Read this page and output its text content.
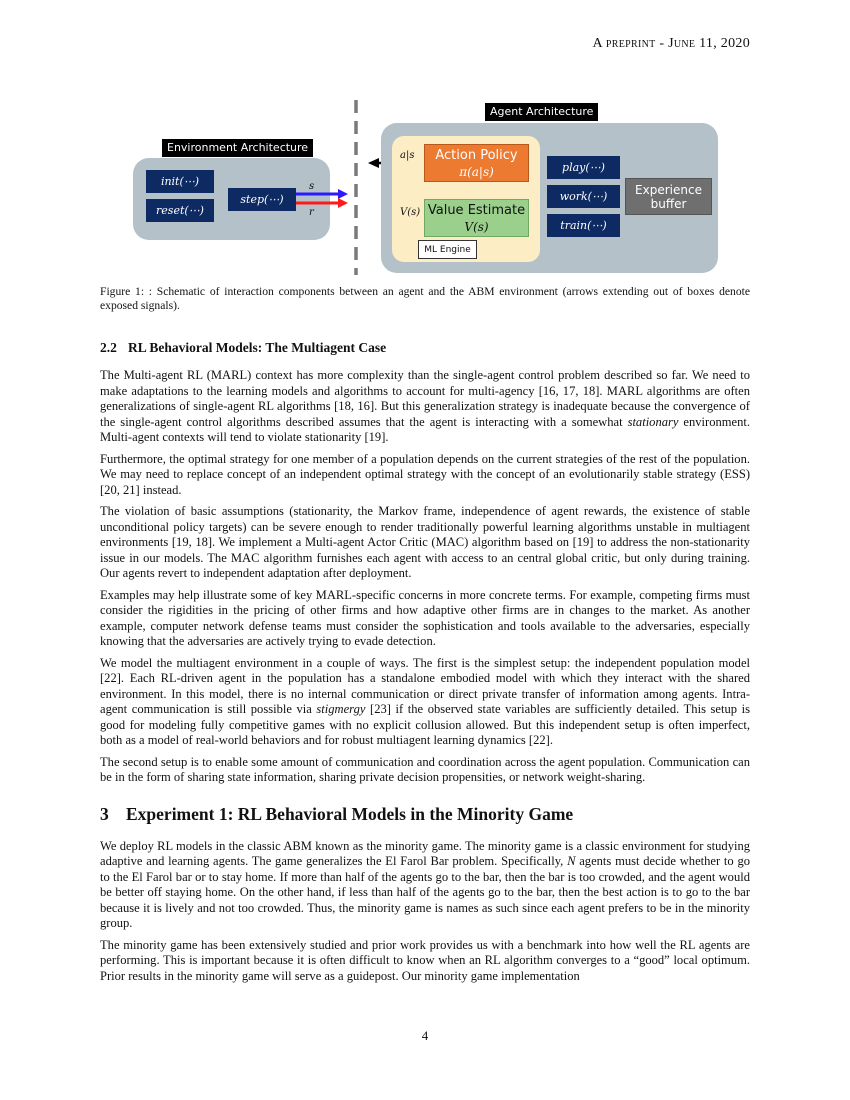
A preprint - June 11, 2020
Environment Architecture
init(⋯)
reset(⋯)
step(⋯)
s
r
Agent Architecture
Action Policy
π(a|s)
a|s
Value Estimate
V(s)
V(s)
ML Engine
play(⋯)
work(⋯)
train(⋯)
Experience
buffer
Figure 1: : Schematic of interaction components between an agent and the ABM environment (arrows extending out of boxes denote exposed signals).
2.2 RL Behavioral Models: The Multiagent Case

The Multi-agent RL (MARL) context has more complexity than the single-agent control problem described so far. We need to make adaptations to the learning models and algorithms to account for multi-agency [16, 17, 18]. MARL algorithms are often generalizations of single-agent RL algorithms [18, 16]. But this generalization strategy is inadequate because the convergence of the single-agent control algorithms described assumes that the agent is interacting with a somewhat stationary environment. Multi-agent contexts will tend to violate stationarity [19].

Furthermore, the optimal strategy for one member of a population depends on the current strategies of the rest of the population. We may need to replace concept of an independent optimal strategy with the concept of an evolutionarily stable strategy (ESS) [20, 21] instead.

The violation of basic assumptions (stationarity, the Markov frame, independence of agent rewards, the existence of stable unconditional policy targets) can be severe enough to render traditionally powerful learning algorithms unstable in multiagent environments [19, 18]. We implement a Multi-agent Actor Critic (MAC) algorithm based on [19] to address the non-stationarity issue in our models. The MAC algorithm furnishes each agent with access to an central global critic, but only during training. Our agents revert to independent adaptation after deployment.

Examples may help illustrate some of key MARL-specific concerns in more concrete terms. For example, competing firms must consider the rigidities in the pricing of other firms and how adaptive other firms are in changes to the market. As another example, computer network defense teams must consider the sophistication and tools available to the adversaries, especially knowing that the adversaries are actively trying to evade detection.

We model the multiagent environment in a couple of ways. The first is the simplest setup: the independent population model [22]. Each RL-driven agent in the population has a standalone embodied model with which they interact with the shared environment. In this model, there is no internal communication or direct private transfer of information among agents. Intra-agent communication is still possible via stigmergy [23] if the observed state variables are sufficiently detailed. This setup is good for modeling fully competitive games with no explicit collusion allowed. But this independent setup is often imperfect, both as a model of real-world behaviors and for robust multiagent learning dynamics [22].

The second setup is to enable some amount of communication and coordination across the agent population. Communication can be in the form of sharing state information, sharing private decision propensities, or network weight-sharing.

3 Experiment 1: RL Behavioral Models in the Minority Game

We deploy RL models in the classic ABM known as the minority game. The minority game is a classic environment for studying adaptive and learning agents. The game generalizes the El Farol Bar problem. Specifically, N agents must decide whether to go to the El Farol bar or to stay home. If more than half of the agents go to the bar, then the bar is too crowded, and the agent would be better off staying home. On the other hand, if less than half of the agents go to the bar, then the best action is to go to the bar because it is lively and not too crowded. Thus, the minority game is names as such since each agent prefers to be in the minority group.

The minority game has been extensively studied and prior work provides us with a benchmark into how well the RL agents are performing. This is important because it is often difficult to know when an RL algorithm converges to a “good” local optimum. Prior results in the minority game will serve as a guidepost. Our minority game implementation

4
